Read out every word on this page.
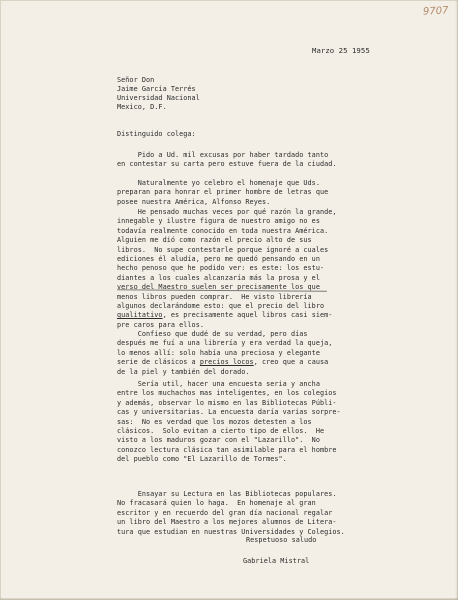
9707
Marzo 25 1955
Señor Don
Jaime García Terrés
Universidad Nacional
Mexico, D.F.
Distinguido colega:
Pido a Ud. mil excusas por haber tardado tanto
en contestar su carta pero estuve fuera de la ciudad.
Naturalmente yo celebro el homenaje que Uds.
preparan para honrar el primer hombre de letras que
posee nuestra América, Alfonso Reyes.
He pensado muchas veces por qué razón la grande,
innegable y ilustre figura de nuestro amigo no es
todavía realmente conocido en toda nuestra América.
Alguien me dió como razón el precio alto de sus
libros.  No supe contestarle porque ignoré a cuales
ediciones él aludía, pero me quedó pensando en un
hecho penoso que he podido ver: es este: los estu-
diantes a los cuales alcanzaría más la prosa y el
verso del Maestro suelen ser precisamente los que
menos libros pueden comprar.  He visto librería
algunos declarándome esto: que el precio del libro
qualitativo, es precisamente aquel libros casi siem-
pre caros para ellos.
Confieso que dudé de su verdad, pero días
después me fuí a una librería y era verdad la queja,
lo menos allí: solo había una preciosa y elegante
serie de clásicos a precios locos, creo que a causa
de la piel y también del dorado.
Sería util, hacer una encuesta seria y ancha
entre los muchachos mas inteligentes, en los colegios
y además, observar lo mismo en las Bibliotecas Públi-
cas y universitarias. La encuesta daría varias sorpre-
sas:  No es verdad que los mozos detesten a los
clásicos.  Solo evitan a cierto tipo de ellos.  He
visto a los maduros gozar con el "Lazarillo".  No
conozco lectura clásica tan asimilable para el hombre
del pueblo como "El Lazarillo de Tormes".
Ensayar su Lectura en las Bibliotecas populares.
No fracasará quien lo haga.  En homenaje al gran
escritor y en recuerdo del gran día nacional regalar
un libro del Maestro a los mejores alumnos de Litera-
tura que estudian en nuestras Universidades y Colegios.
Respetuoso saludo
Gabriela Mistral
